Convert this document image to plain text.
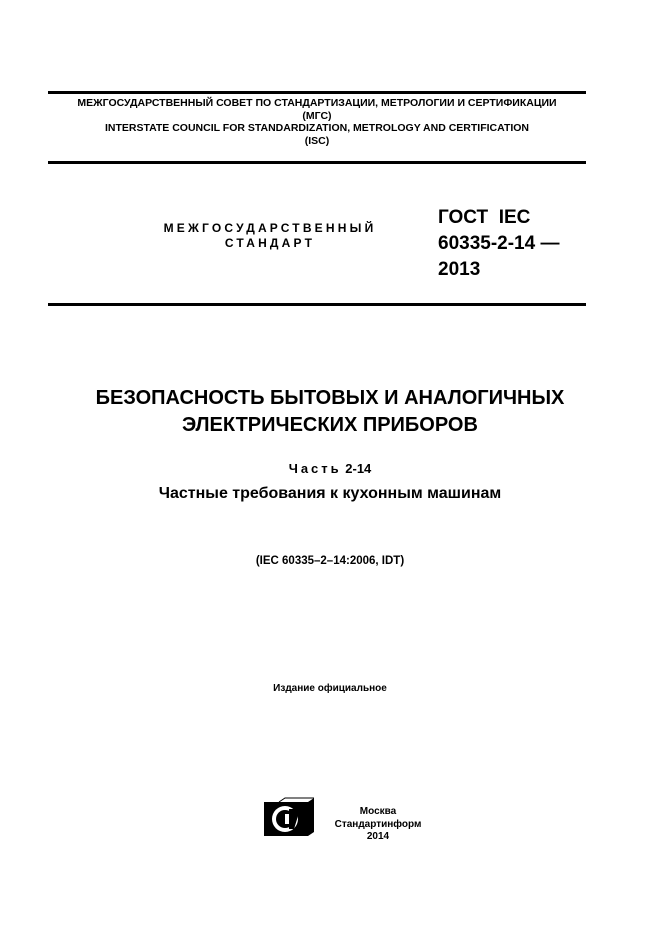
МЕЖГОСУДАРСТВЕННЫЙ СОВЕТ ПО СТАНДАРТИЗАЦИИ, МЕТРОЛОГИИ И СЕРТИФИКАЦИИ
(МГС)
INTERSTATE COUNCIL FOR STANDARDIZATION, METROLOGY AND CERTIFICATION
(ISC)
МЕЖГОСУДАРСТВЕННЫЙ
СТАНДАРТ
ГОСТ  IEC
60335-2-14 —
2013
БЕЗОПАСНОСТЬ БЫТОВЫХ И АНАЛОГИЧНЫХ
ЭЛЕКТРИЧЕСКИХ ПРИБОРОВ
Часть 2-14
Частные требования к кухонным машинам
(IEC 60335–2–14:2006, IDT)
Издание официальное
Москва
Стандартинформ
2014
